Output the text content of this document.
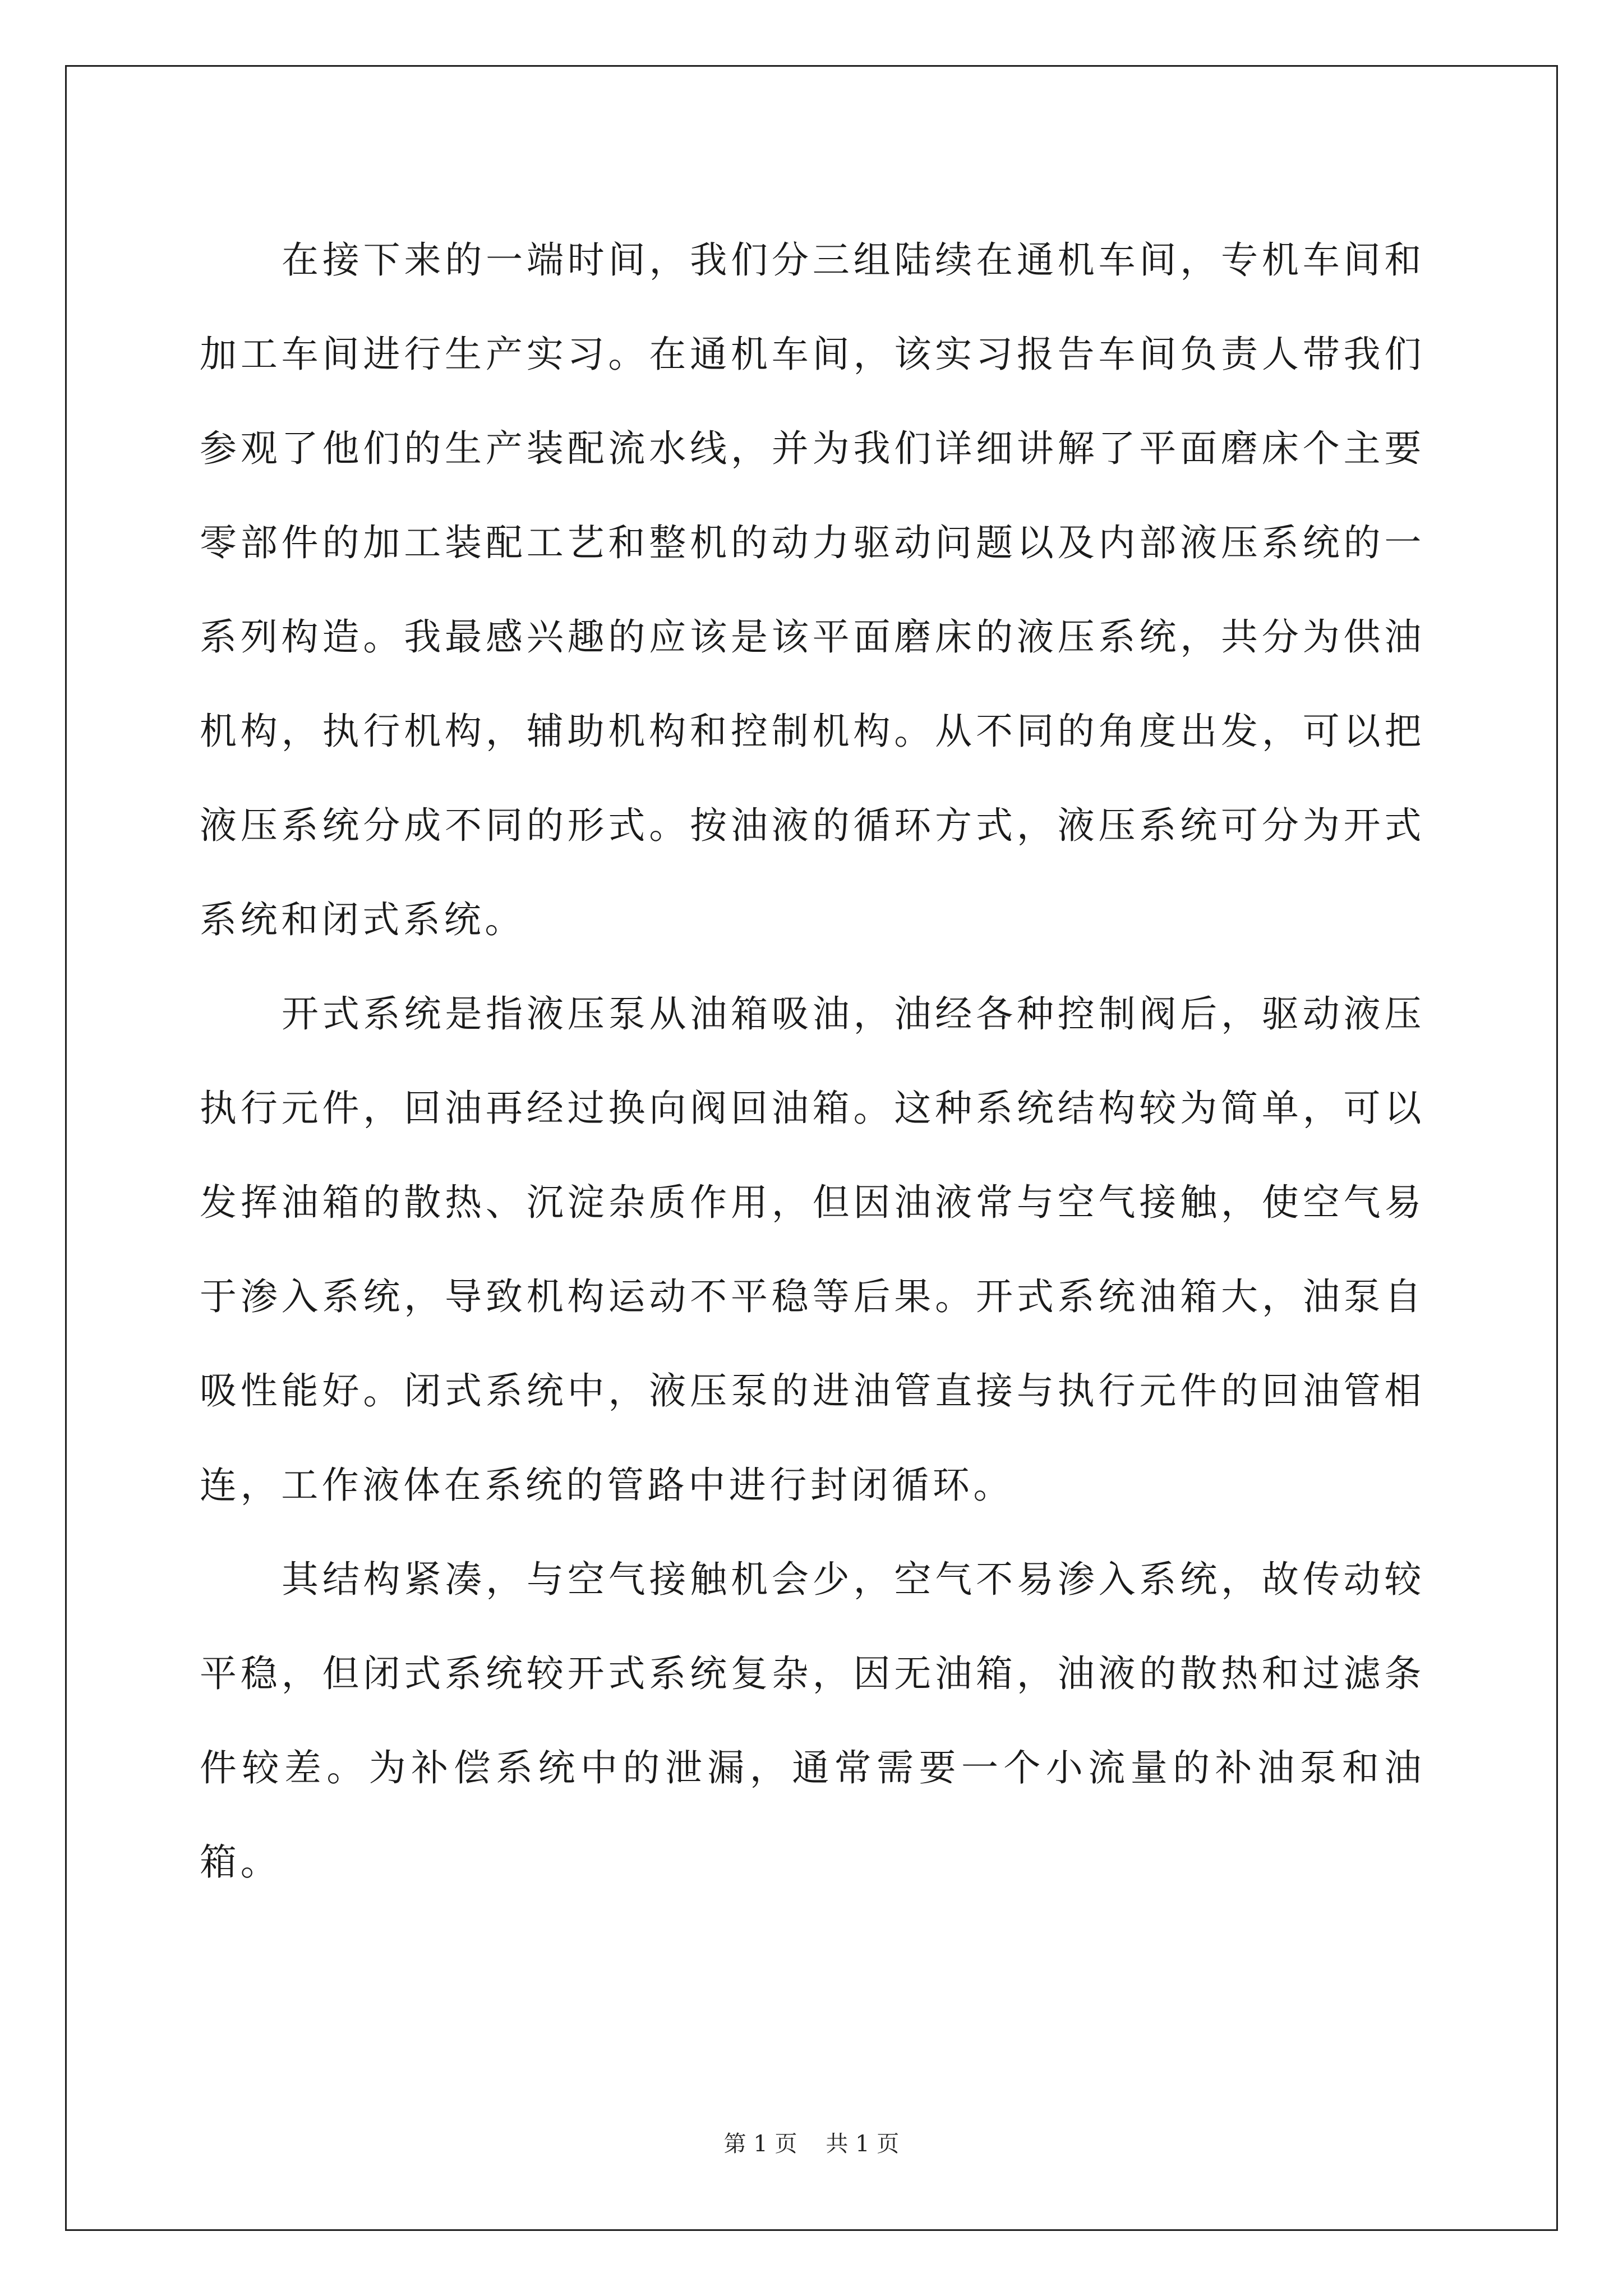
在接下来的一端时间，我们分三组陆续在通机车间，专机车间和加工车间进行生产实习。在通机车间，该实习报告车间负责人带我们参观了他们的生产装配流水线，并为我们详细讲解了平面磨床个主要零部件的加工装配工艺和整机的动力驱动问题以及内部液压系统的一系列构造。我最感兴趣的应该是该平面磨床的液压系统，共分为供油机构，执行机构，辅助机构和控制机构。从不同的角度出发，可以把液压系统分成不同的形式。按油液的循环方式，液压系统可分为开式系统和闭式系统。

开式系统是指液压泵从油箱吸油，油经各种控制阀后，驱动液压执行元件，回油再经过换向阀回油箱。这种系统结构较为简单，可以发挥油箱的散热、沉淀杂质作用，但因油液常与空气接触，使空气易于渗入系统，导致机构运动不平稳等后果。开式系统油箱大，油泵自吸性能好。闭式系统中，液压泵的进油管直接与执行元件的回油管相连，工作液体在系统的管路中进行封闭循环。

其结构紧凑，与空气接触机会少，空气不易渗入系统，故传动较平稳，但闭式系统较开式系统复杂，因无油箱，油液的散热和过滤条件较差。为补偿系统中的泄漏，通常需要一个小流量的补油泵和油箱。

第 1 页 共 1 页
